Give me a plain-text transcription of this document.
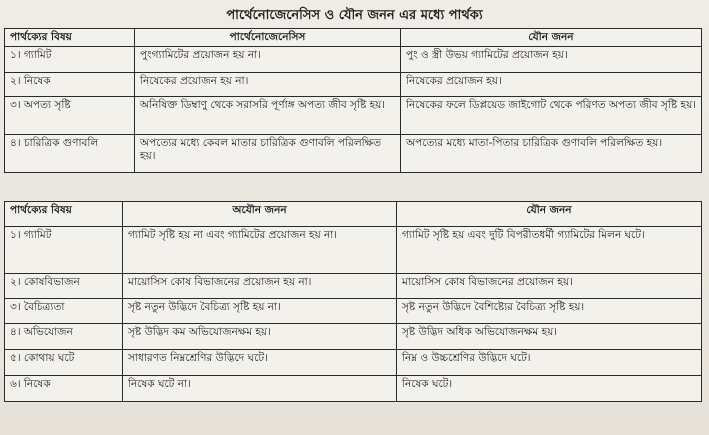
পার্থেনোজেনেসিস ও যৌন জনন এর মধ্যে পার্থক্য
পার্থক্যের বিষয়	পার্থেনোজেনেসিস	যৌন জনন
১। গ্যামিট	পুংগ্যামিটের প্রয়োজন হয় না।	পুং ও স্ত্রী উভয় গ্যামিটের প্রয়োজন হয়।
২। নিষেক	নিষেকের প্রয়োজন হয় না।	নিষেকের প্রয়োজন হয়।
৩। অপত্য সৃষ্টি	অনিষিক্ত ডিম্বাণু থেকে সরাসরি পূর্ণাঙ্গ অপত্য জীব সৃষ্টি হয়।	নিষেকের ফলে ডিপ্লয়েড জাইগোট থেকে পরিণত অপত্য জীব সৃষ্টি হয়।
৪। চারিত্রিক গুণাবলি	অপত্যের মধ্যে কেবল মাতার চারিত্রিক গুণাবলি পরিলক্ষিত হয়।	অপত্যের মধ্যে মাতা-পিতার চারিত্রিক গুণাবলি পরিলক্ষিত হয়।
পার্থক্যের বিষয়	অযৌন জনন	যৌন জনন
১। গ্যামিট	গ্যামিট সৃষ্টি হয় না এবং গ্যামিটের প্রয়োজন হয় না।	গ্যামিট সৃষ্টি হয় এবং দুটি বিপরীতধর্মী গ্যামিটের মিলন ঘটে।
২। কোষবিভাজন	মায়োসিস কোষ বিভাজনের প্রয়োজন হয় না।	মায়োসিস কোষ বিভাজনের প্রয়োজন হয়।
৩। বৈচিত্র্যতা	সৃষ্ট নতুন উদ্ভিদে বৈচিত্র্য সৃষ্টি হয় না।	সৃষ্ট নতুন উদ্ভিদে বৈশিষ্ট্যের বৈচিত্র্য সৃষ্টি হয়।
৪। অভিযোজন	সৃষ্ট উদ্ভিদ কম অভিযোজনক্ষম হয়।	সৃষ্ট উদ্ভিদ অধিক অভিযোজনক্ষম হয়।
৫। কোথায় ঘটে	সাধারণত নিম্নশ্রেণির উদ্ভিদে ঘটে।	নিম্ন ও উচ্চশ্রেণির উদ্ভিদে ঘটে।
৬। নিষেক	নিষেক ঘটে না।	নিষেক ঘটে।
